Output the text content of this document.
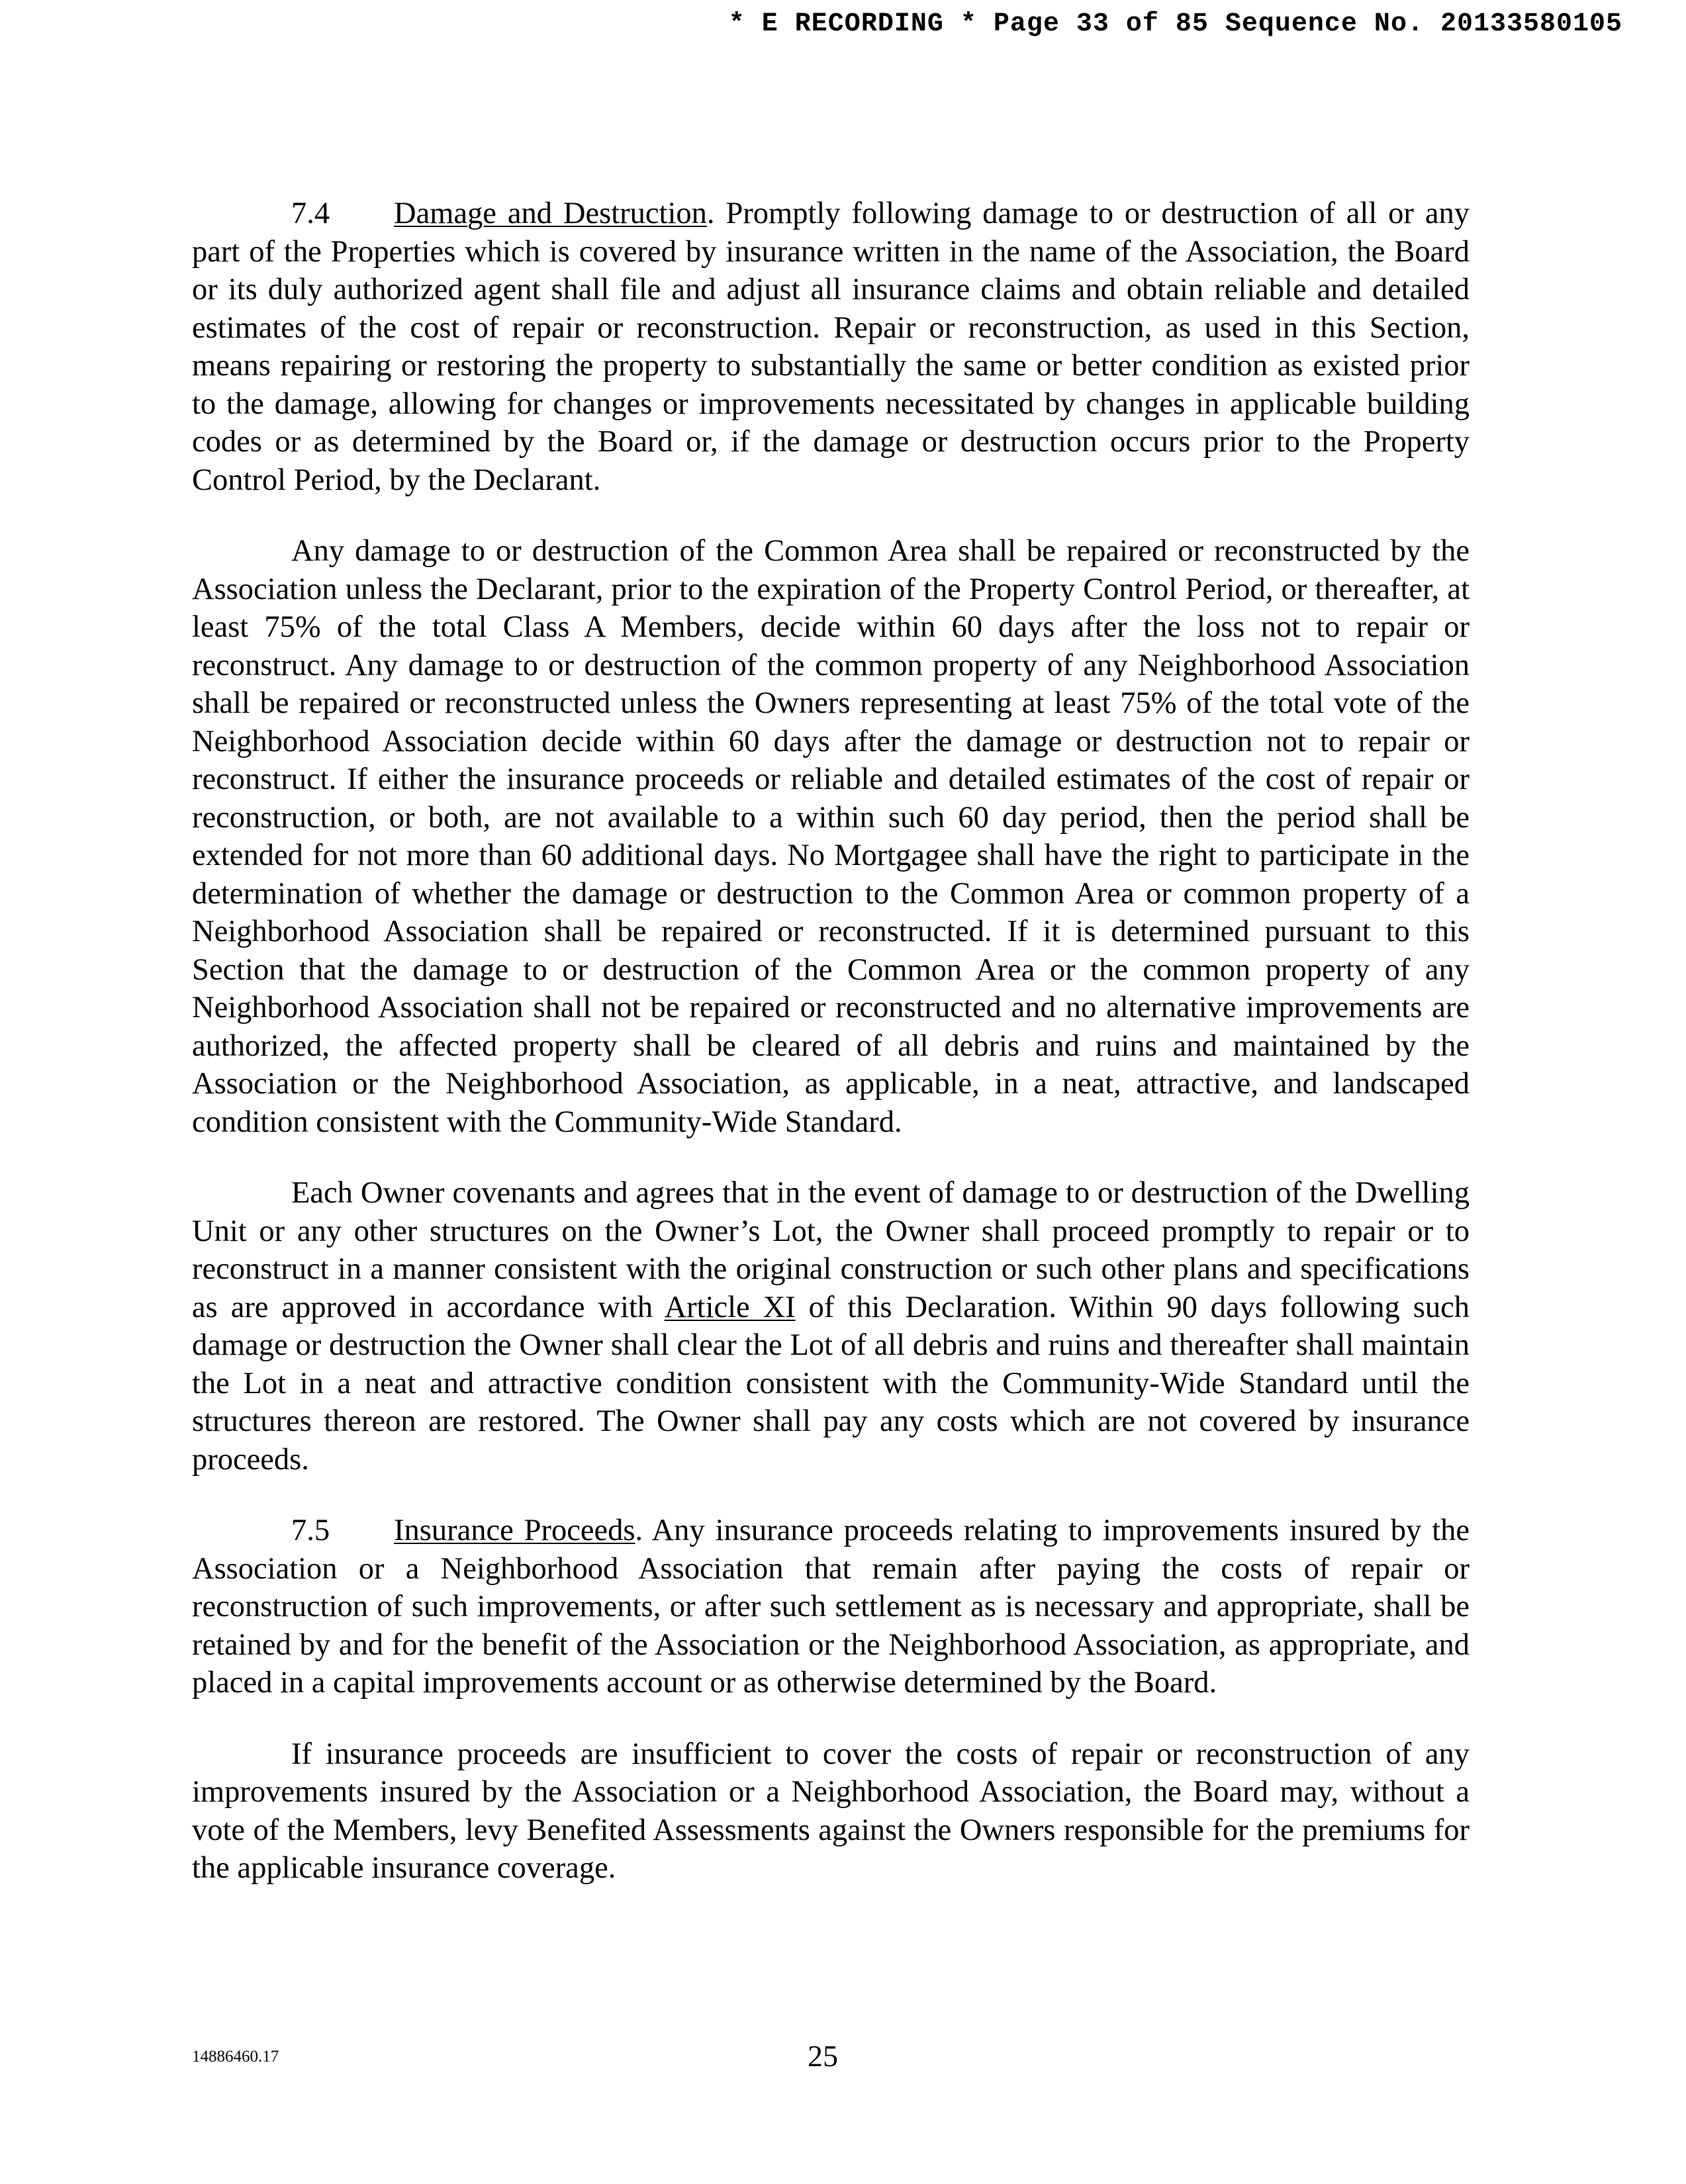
* E RECORDING * Page 33 of 85 Sequence No. 20133580105

7.4 Damage and Destruction. Promptly following damage to or destruction of all or any part of the Properties which is covered by insurance written in the name of the Association, the Board or its duly authorized agent shall file and adjust all insurance claims and obtain reliable and detailed estimates of the cost of repair or reconstruction. Repair or reconstruction, as used in this Section, means repairing or restoring the property to substantially the same or better condition as existed prior to the damage, allowing for changes or improvements necessitated by changes in applicable building codes or as determined by the Board or, if the damage or destruction occurs prior to the Property Control Period, by the Declarant.

Any damage to or destruction of the Common Area shall be repaired or reconstructed by the Association unless the Declarant, prior to the expiration of the Property Control Period, or thereafter, at least 75% of the total Class A Members, decide within 60 days after the loss not to repair or reconstruct. Any damage to or destruction of the common property of any Neighborhood Association shall be repaired or reconstructed unless the Owners representing at least 75% of the total vote of the Neighborhood Association decide within 60 days after the damage or destruction not to repair or reconstruct. If either the insurance proceeds or reliable and detailed estimates of the cost of repair or reconstruction, or both, are not available to a within such 60 day period, then the period shall be extended for not more than 60 additional days. No Mortgagee shall have the right to participate in the determination of whether the damage or destruction to the Common Area or common property of a Neighborhood Association shall be repaired or reconstructed. If it is determined pursuant to this Section that the damage to or destruction of the Common Area or the common property of any Neighborhood Association shall not be repaired or reconstructed and no alternative improvements are authorized, the affected property shall be cleared of all debris and ruins and maintained by the Association or the Neighborhood Association, as applicable, in a neat, attractive, and landscaped condition consistent with the Community-Wide Standard.

Each Owner covenants and agrees that in the event of damage to or destruction of the Dwelling Unit or any other structures on the Owner’s Lot, the Owner shall proceed promptly to repair or to reconstruct in a manner consistent with the original construction or such other plans and specifications as are approved in accordance with Article XI of this Declaration. Within 90 days following such damage or destruction the Owner shall clear the Lot of all debris and ruins and thereafter shall maintain the Lot in a neat and attractive condition consistent with the Community-Wide Standard until the structures thereon are restored. The Owner shall pay any costs which are not covered by insurance proceeds.

7.5 Insurance Proceeds. Any insurance proceeds relating to improvements insured by the Association or a Neighborhood Association that remain after paying the costs of repair or reconstruction of such improvements, or after such settlement as is necessary and appropriate, shall be retained by and for the benefit of the Association or the Neighborhood Association, as appropriate, and placed in a capital improvements account or as otherwise determined by the Board.

If insurance proceeds are insufficient to cover the costs of repair or reconstruction of any improvements insured by the Association or a Neighborhood Association, the Board may, without a vote of the Members, levy Benefited Assessments against the Owners responsible for the premiums for the applicable insurance coverage.

14886460.17	25
